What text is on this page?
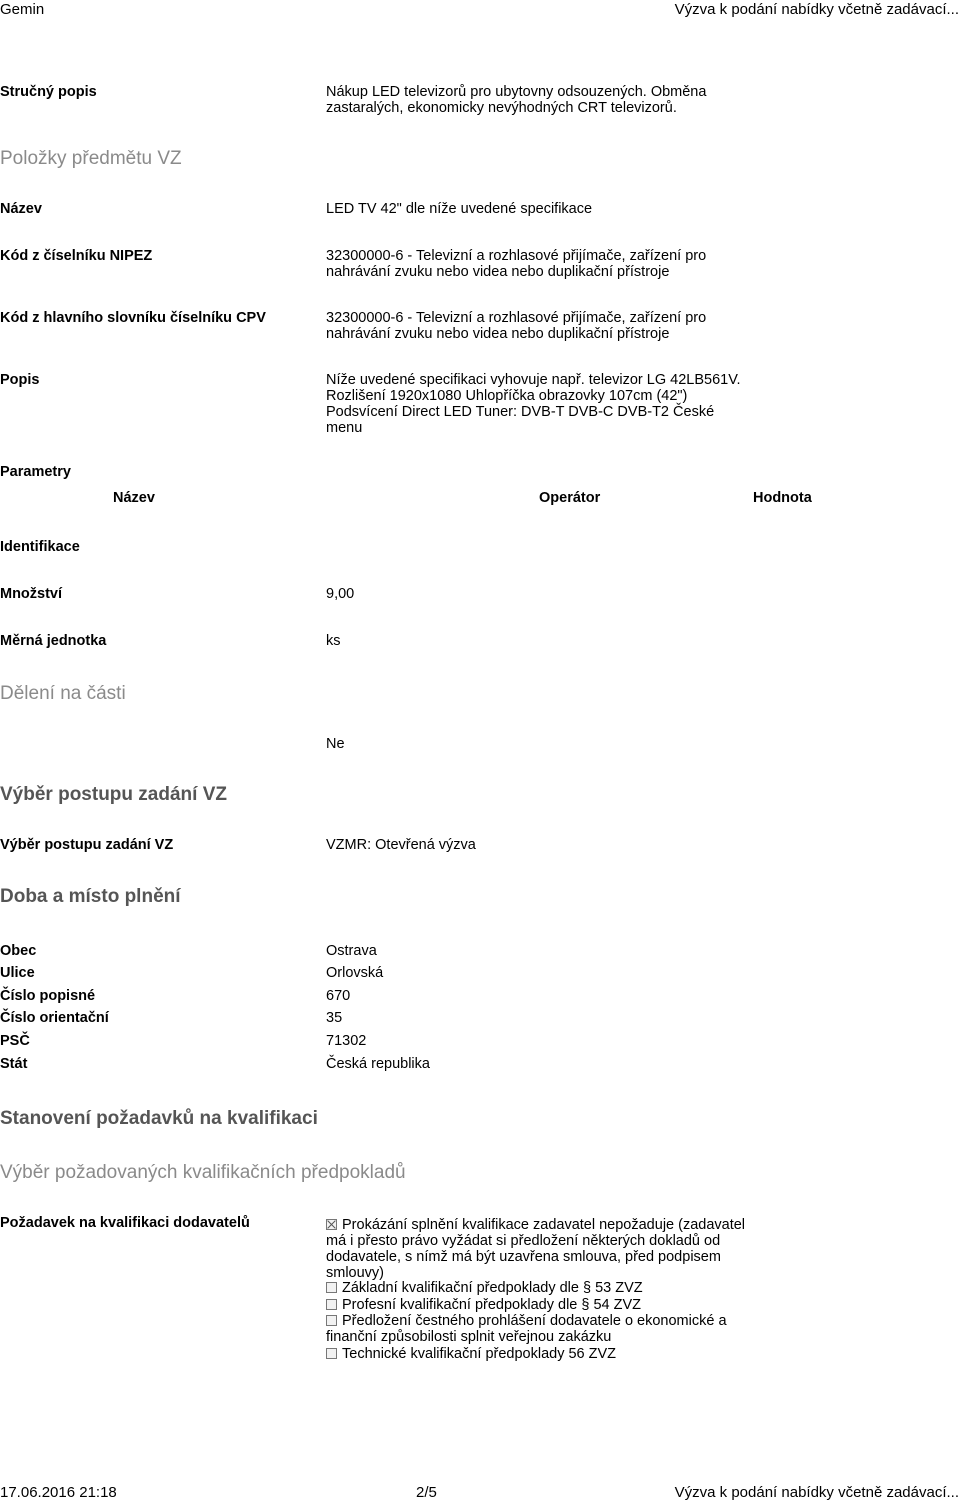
Gemin	Výzva k podání nabídky včetně zadávací...
Stručný popis	Nákup LED televizorů pro ubytovny odsouzených. Obměna zastaralých, ekonomicky nevýhodných CRT televizorů.
Položky předmětu VZ
Název	LED TV 42" dle níže uvedené specifikace
Kód z číselníku NIPEZ	32300000-6 - Televizní a rozhlasové přijímače, zařízení pro nahrávání zvuku nebo videa nebo duplikační přístroje
Kód z hlavního slovníku číselníku CPV	32300000-6 - Televizní a rozhlasové přijímače, zařízení pro nahrávání zvuku nebo videa nebo duplikační přístroje
Popis	Níže uvedené specifikaci vyhovuje např. televizor LG 42LB561V. Rozlišení 1920x1080 Uhlopříčka obrazovky 107cm (42") Podsvícení Direct LED Tuner: DVB-T DVB-C DVB-T2 České menu
Parametry
Název	Operátor	Hodnota
Identifikace
Množství	9,00
Měrná jednotka	ks
Dělení na části
Ne
Výběr postupu zadání VZ
Výběr postupu zadání VZ	VZMR: Otevřená výzva
Doba a místo plnění
Obec	Ostrava
Ulice	Orlovská
Číslo popisné	670
Číslo orientační	35
PSČ	71302
Stát	Česká republika
Stanovení požadavků na kvalifikaci
Výběr požadovaných kvalifikačních předpokladů
Požadavek na kvalifikaci dodavatelů	Prokázání splnění kvalifikace zadavatel nepožaduje (zadavatel má i přesto právo vyžádat si předložení některých dokladů od dodavatele, s nímž má být uzavřena smlouva, před podpisem smlouvy)
Základní kvalifikační předpoklady dle § 53 ZVZ
Profesní kvalifikační předpoklady dle § 54 ZVZ
Předložení čestného prohlášení dodavatele o ekonomické a finanční způsobilosti splnit veřejnou zakázku
Technické kvalifikační předpoklady 56 ZVZ
17.06.2016 21:18	2/5	Výzva k podání nabídky včetně zadávací...
